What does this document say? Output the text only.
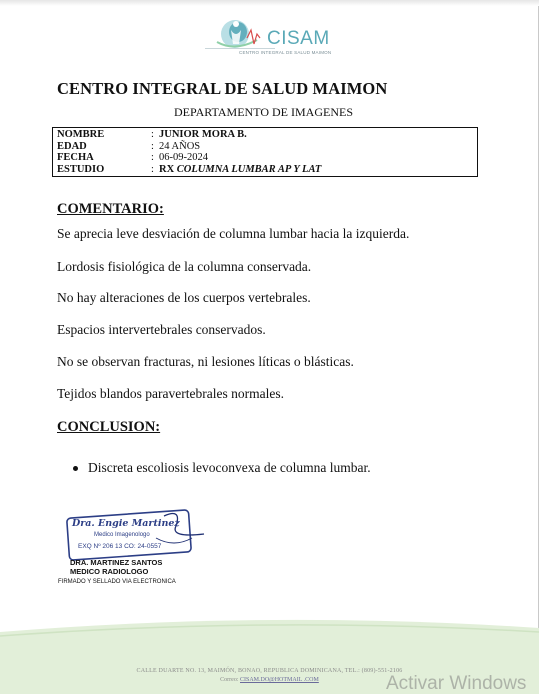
CISAM
CENTRO INTEGRAL DE SALUD MAIMON
CENTRO INTEGRAL DE SALUD MAIMON
DEPARTAMENTO DE IMAGENES
NOMBRE	: JUNIOR MORA B.
EDAD	: 24 AÑOS
FECHA	: 06-09-2024
ESTUDIO	: RX COLUMNA LUMBAR AP Y LAT
COMENTARIO:
Se aprecia leve desviación de columna lumbar hacia la izquierda.
Lordosis fisiológica de la columna conservada.
No hay alteraciones de los cuerpos vertebrales.
Espacios intervertebrales conservados.
No se observan fracturas, ni lesiones líticas o blásticas.
Tejidos blandos paravertebrales normales.
CONCLUSION:
Discreta escoliosis levoconvexa de columna lumbar.
Dra. Engie Martinez
Medico Imagenologo
EXQ Nº 206 13 CO: 24-0557
DRA. MARTINEZ SANTOS
MEDICO RADIOLOGO
FIRMADO Y SELLADO VIA ELECTRONICA
CALLE DUARTE NO. 13, MAIMÓN, BONAO, REPUBLICA DOMINICANA, TEL.: (809)-551-2106
Correo: CISAM.DO@HOTMAIL .COM	Activar Windows
